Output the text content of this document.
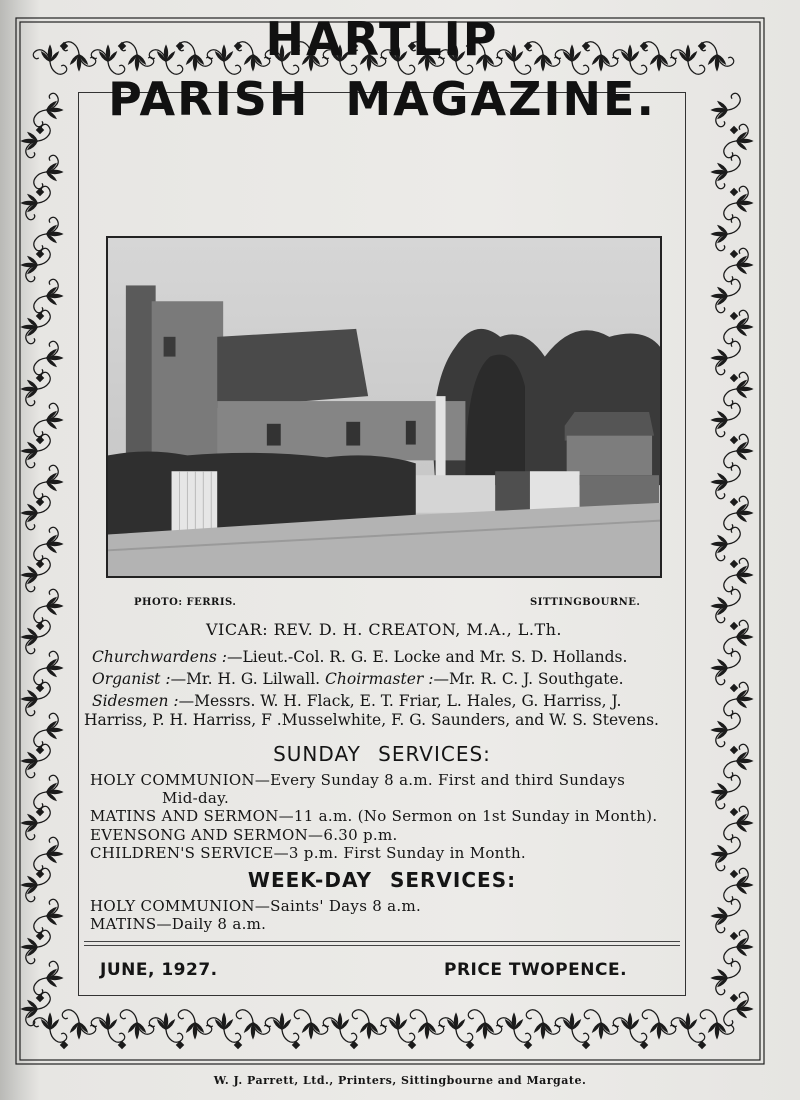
HARTLIP
PARISH MAGAZINE.
PHOTO: FERRIS.	SITTINGBOURNE.
VICAR: REV. D. H. CREATON, M.A., L.Th.
Churchwardens :—Lieut.-Col. R. G. E. Locke and Mr. S. D. Hollands.
Organist :—Mr. H. G. Lilwall. Choirmaster :—Mr. R. C. J. Southgate.
Sidesmen :—Messrs. W. H. Flack, E. T. Friar, L. Hales, G. Harriss, J.
Harriss, P. H. Harriss, F .Musselwhite, F. G. Saunders, and W. S. Stevens.
SUNDAY SERVICES:
HOLY COMMUNION—Every Sunday 8 a.m. First and third Sundays
Mid-day.
MATINS AND SERMON—11 a.m. (No Sermon on 1st Sunday in Month).
EVENSONG AND SERMON—6.30 p.m.
CHILDREN'S SERVICE—3 p.m. First Sunday in Month.
WEEK-DAY SERVICES:
HOLY COMMUNION—Saints' Days 8 a.m.
MATINS—Daily 8 a.m.
JUNE, 1927.	PRICE TWOPENCE.
W. J. Parrett, Ltd., Printers, Sittingbourne and Margate.
